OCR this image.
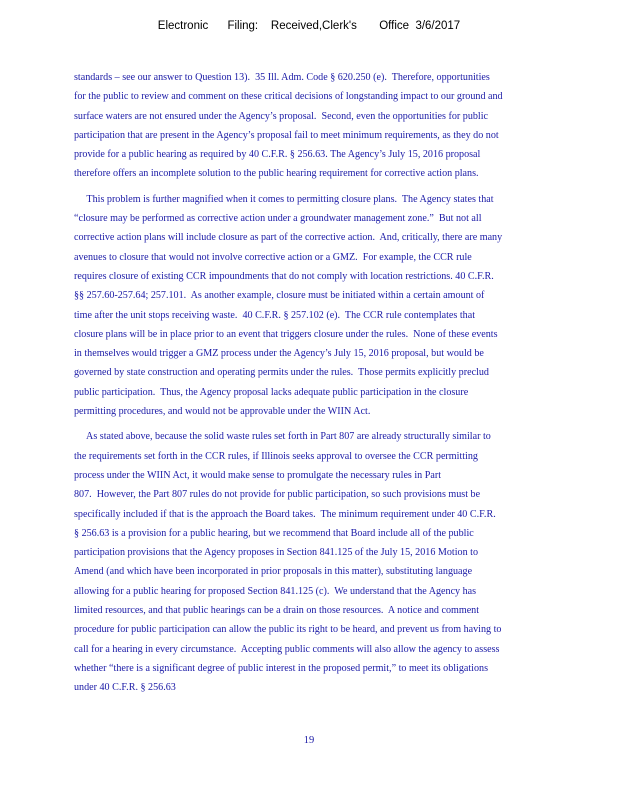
Electronic Filing: Received,Clerk's Office 3/6/2017
standards – see our answer to Question 13).  35 Ill. Adm. Code § 620.250 (e).  Therefore, opportunities
for the public to review and comment on these critical decisions of longstanding impact to our ground and
surface waters are not ensured under the Agency’s proposal.  Second, even the opportunities for public
participation that are present in the Agency’s proposal fail to meet minimum requirements, as they do not
provide for a public hearing as required by 40 C.F.R. § 256.63. The Agency’s July 15, 2016 proposal
therefore offers an incomplete solution to the public hearing requirement for corrective action plans.
This problem is further magnified when it comes to permitting closure plans.  The Agency states that
“closure may be performed as corrective action under a groundwater management zone.”  But not all
corrective action plans will include closure as part of the corrective action.  And, critically, there are many
avenues to closure that would not involve corrective action or a GMZ.  For example, the CCR rule
requires closure of existing CCR impoundments that do not comply with location restrictions. 40 C.F.R.
§§ 257.60-257.64; 257.101.  As another example, closure must be initiated within a certain amount of
time after the unit stops receiving waste.  40 C.F.R. § 257.102 (e).  The CCR rule contemplates that
closure plans will be in place prior to an event that triggers closure under the rules.  None of these events
in themselves would trigger a GMZ process under the Agency’s July 15, 2016 proposal, but would be
governed by state construction and operating permits under the rules.  Those permits explicitly preclud
public participation.  Thus, the Agency proposal lacks adequate public participation in the closure
permitting procedures, and would not be approvable under the WIIN Act.
As stated above, because the solid waste rules set forth in Part 807 are already structurally similar to
the requirements set forth in the CCR rules, if Illinois seeks approval to oversee the CCR permitting
process under the WIIN Act, it would make sense to promulgate the necessary rules in Part
807.  However, the Part 807 rules do not provide for public participation, so such provisions must be
specifically included if that is the approach the Board takes.  The minimum requirement under 40 C.F.R.
§ 256.63 is a provision for a public hearing, but we recommend that Board include all of the public
participation provisions that the Agency proposes in Section 841.125 of the July 15, 2016 Motion to
Amend (and which have been incorporated in prior proposals in this matter), substituting language
allowing for a public hearing for proposed Section 841.125 (c).  We understand that the Agency has
limited resources, and that public hearings can be a drain on those resources.  A notice and comment
procedure for public participation can allow the public its right to be heard, and prevent us from having to
call for a hearing in every circumstance.  Accepting public comments will also allow the agency to assess
whether “there is a significant degree of public interest in the proposed permit,” to meet its obligations
under 40 C.F.R. § 256.63
19
